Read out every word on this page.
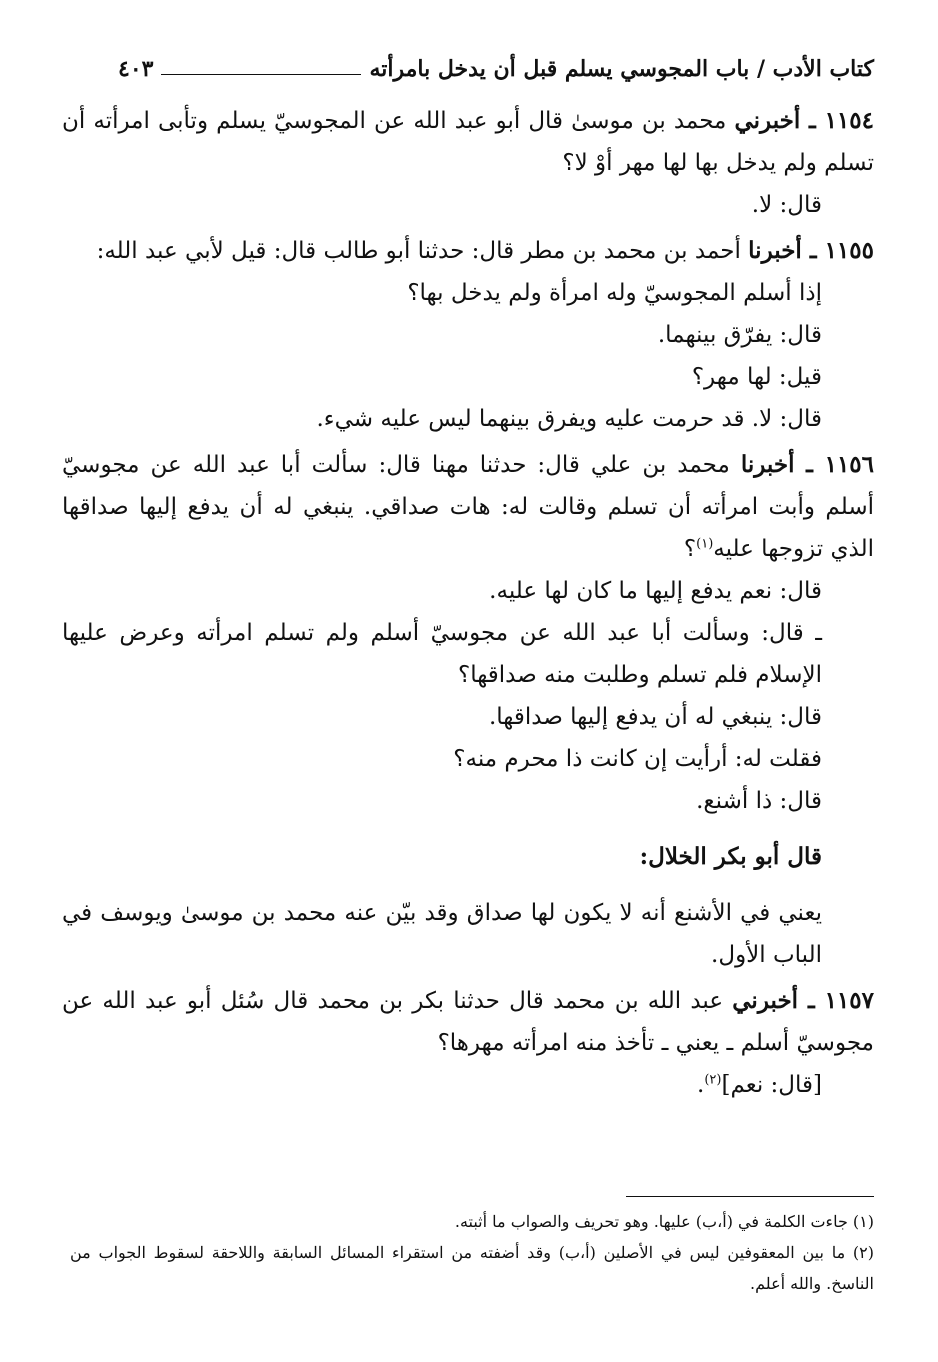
كتاب الأدب / باب المجوسي يسلم قبل أن يدخل بامرأته
٤٠٣

١١٥٤ ـ أخبرني محمد بن موسىٰ قال أبو عبد الله عن المجوسيّ يسلم وتأبى امرأته أن تسلم ولم يدخل بها لها مهر أوْ لا؟

قال: لا.

١١٥٥ ـ أخبرنا أحمد بن محمد بن مطر قال: حدثنا أبو طالب قال: قيل لأبي عبد الله:

إذا أسلم المجوسيّ وله امرأة ولم يدخل بها؟

قال: يفرّق بينهما.

قيل: لها مهر؟

قال: لا. قد حرمت عليه ويفرق بينهما ليس عليه شيء.

١١٥٦ ـ أخبرنا محمد بن علي قال: حدثنا مهنا قال: سألت أبا عبد الله عن مجوسيّ أسلم وأبت امرأته أن تسلم وقالت له: هات صداقي. ينبغي له أن يدفع إليها صداقها الذي تزوجها عليه$^{(١)}$؟

قال: نعم يدفع إليها ما كان لها عليه.

ـ قال: وسألت أبا عبد الله عن مجوسيّ أسلم ولم تسلم امرأته وعرض عليها الإسلام فلم تسلم وطلبت منه صداقها؟

قال: ينبغي له أن يدفع إليها صداقها.

فقلت له: أرأيت إن كانت ذا محرم منه؟

قال: ذا أشنع.

قال أبو بكر الخلال:

يعني في الأشنع أنه لا يكون لها صداق وقد بيّن عنه محمد بن موسىٰ ويوسف في الباب الأول.

١١٥٧ ـ أخبرني عبد الله بن محمد قال حدثنا بكر بن محمد قال سُئل أبو عبد الله عن مجوسيّ أسلم ـ يعني ـ تأخذ منه امرأته مهرها؟

[قال: نعم]$^{(٢)}$.

(١) جاءت الكلمة في (أ،ب) عليها. وهو تحريف والصواب ما أثبته.

(٢) ما بين المعقوفين ليس في الأصلين (أ،ب) وقد أضفته من استقراء المسائل السابقة واللاحقة لسقوط الجواب من الناسخ. والله أعلم.
